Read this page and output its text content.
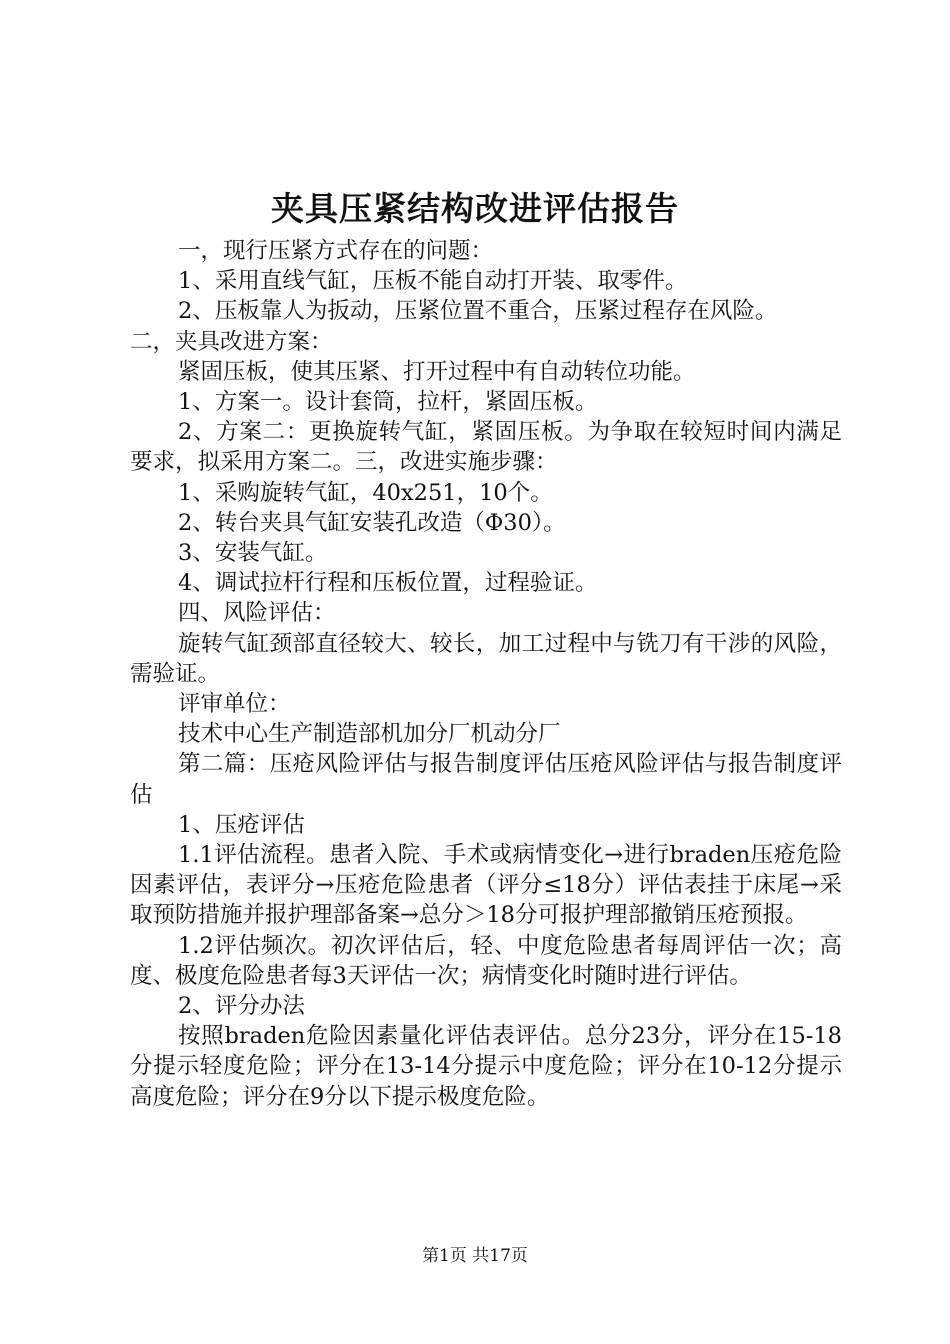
夹具压紧结构改进评估报告

一，现行压紧方式存在的问题：

1、采用直线气缸，压板不能自动打开装、取零件。

2、压板靠人为扳动，压紧位置不重合，压紧过程存在风险。

二，夹具改进方案：

紧固压板，使其压紧、打开过程中有自动转位功能。

1、方案一。设计套筒，拉杆，紧固压板。

2、方案二：更换旋转气缸，紧固压板。为争取在较短时间内满足要求，拟采用方案二。三，改进实施步骤：

1、采购旋转气缸，40x251，10个。

2、转台夹具气缸安装孔改造（Φ30）。

3、安装气缸。

4、调试拉杆行程和压板位置，过程验证。

四、风险评估：

旋转气缸颈部直径较大、较长，加工过程中与铣刀有干涉的风险，需验证。

评审单位：

技术中心生产制造部机加分厂机动分厂

第二篇：压疮风险评估与报告制度评估压疮风险评估与报告制度评估

1、压疮评估

1.1评估流程。患者入院、手术或病情变化→进行braden压疮危险因素评估，表评分→压疮危险患者（评分≤18分）评估表挂于床尾→采取预防措施并报护理部备案→总分＞18分可报护理部撤销压疮预报。

1.2评估频次。初次评估后，轻、中度危险患者每周评估一次；高度、极度危险患者每3天评估一次；病情变化时随时进行评估。

2、评分办法

按照braden危险因素量化评估表评估。总分23分，评分在15-18分提示轻度危险；评分在13-14分提示中度危险；评分在10-12分提示高度危险；评分在9分以下提示极度危险。

第1页 共17页
